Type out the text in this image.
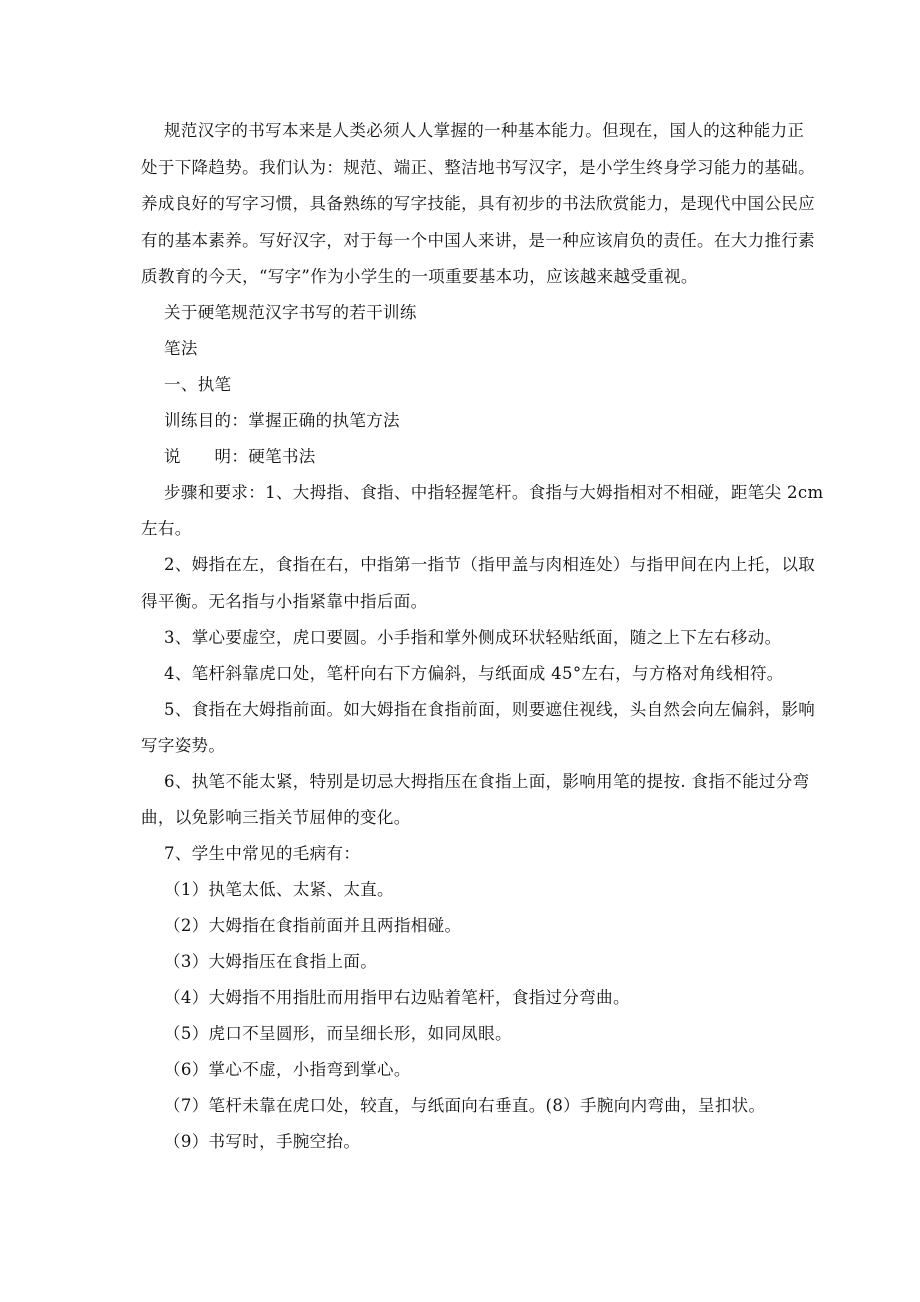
规范汉字的书写本来是人类必须人人掌握的一种基本能力。但现在，国人的这种能力正
处于下降趋势。我们认为：规范、端正、整洁地书写汉字，是小学生终身学习能力的基础。
养成良好的写字习惯，具备熟练的写字技能，具有初步的书法欣赏能力，是现代中国公民应
有的基本素养。写好汉字，对于每一个中国人来讲，是一种应该肩负的责任。在大力推行素
质教育的今天，“写字”作为小学生的一项重要基本功，应该越来越受重视。
关于硬笔规范汉字书写的若干训练
笔法
一、执笔
训练目的：掌握正确的执笔方法
说　　明：硬笔书法
步骤和要求：1、大拇指、食指、中指轻握笔杆。食指与大姆指相对不相碰，距笔尖 2cm
左右。
2、姆指在左，食指在右，中指第一指节（指甲盖与肉相连处）与指甲间在内上托，以取
得平衡。无名指与小指紧靠中指后面。
3、掌心要虚空，虎口要圆。小手指和掌外侧成环状轻贴纸面，随之上下左右移动。
4、笔杆斜靠虎口处，笔杆向右下方偏斜，与纸面成 45°左右，与方格对角线相符。
5、食指在大姆指前面。如大姆指在食指前面，则要遮住视线，头自然会向左偏斜，影响
写字姿势。
6、执笔不能太紧，特别是切忌大拇指压在食指上面，影响用笔的提按. 食指不能过分弯
曲，以免影响三指关节屈伸的变化。
7、学生中常见的毛病有：
（1）执笔太低、太紧、太直。
（2）大姆指在食指前面并且两指相碰。
（3）大姆指压在食指上面。
（4）大姆指不用指肚而用指甲右边贴着笔杆，食指过分弯曲。
（5）虎口不呈圆形，而呈细长形，如同凤眼。
（6）掌心不虚，小指弯到掌心。
（7）笔杆未靠在虎口处，较直，与纸面向右垂直。(8）手腕向内弯曲，呈扣状。
（9）书写时，手腕空抬。
